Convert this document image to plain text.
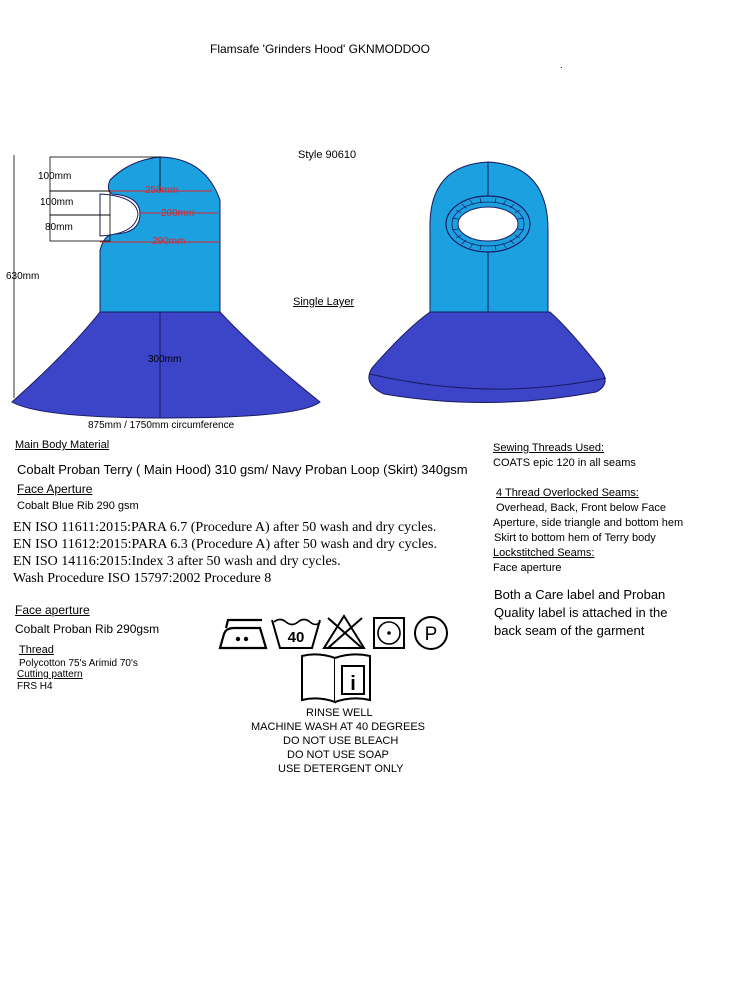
Flamsafe 'Grinders Hood' GKNMODDOO
.
100mm
100mm
80mm
630mm
250mm
200mm
290mm
300mm
875mm / 1750mm circumference
Style 90610
Single Layer
Main Body Material
Cobalt Proban Terry ( Main Hood) 310 gsm/ Navy Proban Loop (Skirt) 340gsm
Face Aperture
Cobalt Blue Rib 290 gsm
EN ISO 11611:2015:PARA 6.7 (Procedure A) after 50 wash and dry cycles.
EN ISO 11612:2015:PARA 6.3 (Procedure A) after 50 wash and dry cycles.
EN ISO 14116:2015:Index 3 after 50 wash and dry cycles.
Wash Procedure ISO 15797:2002 Procedure 8
Face aperture
Cobalt Proban Rib 290gsm
Thread
Polycotton 75's Arimid 70's
Cutting pattern
FRS H4
Sewing Threads Used:
COATS epic 120 in all seams
4 Thread Overlocked Seams:
Overhead, Back, Front below Face
Aperture, side triangle and bottom hem
Skirt to bottom hem of Terry body
Lockstitched Seams:
Face aperture
Both a Care label and Proban
Quality label is attached in the
back seam of the garment
40	P
i
RINSE WELL
MACHINE WASH AT 40 DEGREES
DO NOT USE BLEACH
DO NOT USE SOAP
USE DETERGENT ONLY
